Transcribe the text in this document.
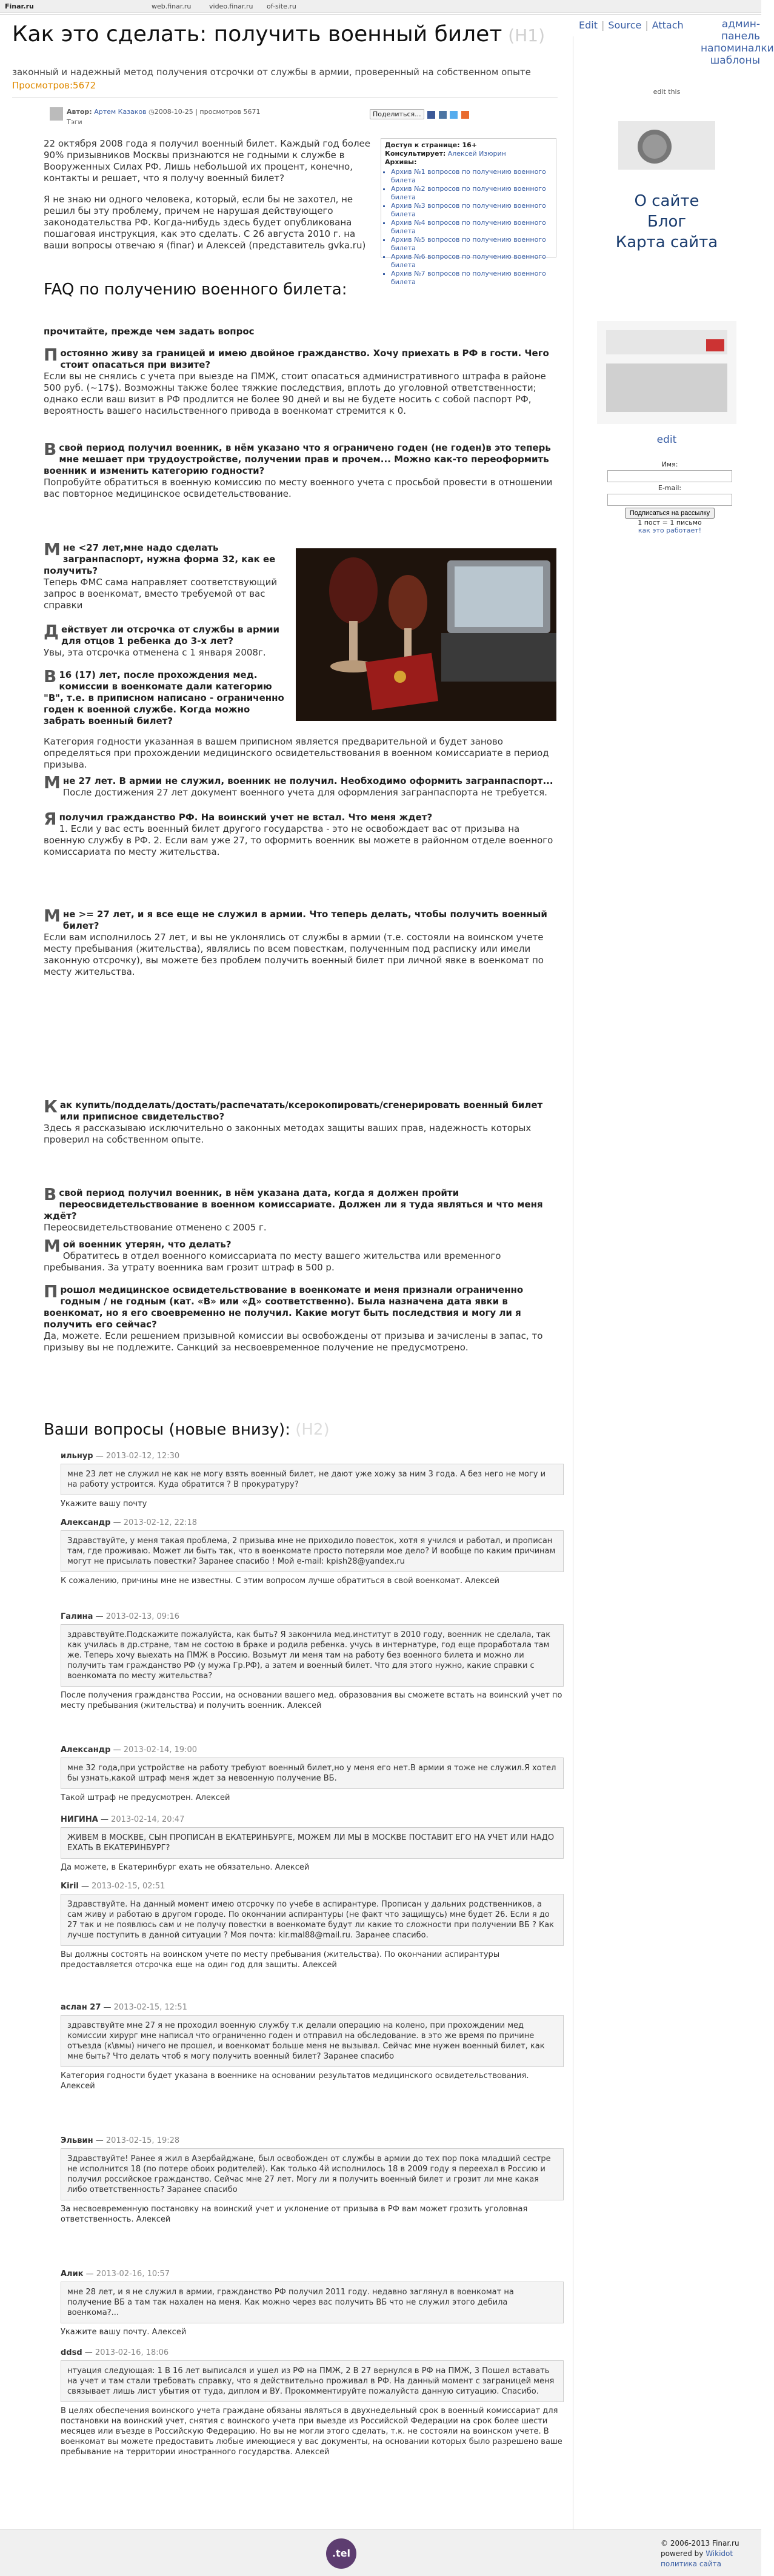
Finar.ru	web.finar.ru	video.finar.ru of-site.ru
Как это сделать: получить военный билет (H1)
Edit | Source | Attach	админ-
панель
напоминалки
шаблоны
законный и надежный метод получения отсрочки от службы в армии, проверенный на собственном опыте Просмотров:5672
Автор: Артем Казаков ◷2008-10-25 | просмотров 5671
Тэги
Поделиться...

22 октября 2008 года я получил военный билет. Каждый год более 90% призывников Москвы признаются не годными к службе в Вооруженных Силах РФ. Лишь небольшой их процент, конечно, контакты и решает, что я получу военный билет?

Я не знаю ни одного человека, который, если бы не захотел, не решил бы эту проблему, причем не нарушая действующего законодательства РФ. Когда-нибудь здесь будет опубликована пошаговая инструкция, как это сделать. С 26 августа 2010 г. на ваши вопросы отвечаю я (finar) и Алексей (представитель gvka.ru)

Доступ к странице: 16+
Консультирует: Алексей Изюрин
Архивы:
▪ Архив №1 вопросов по получению военного билета
▪ Архив №2 вопросов по получению военного билета
▪ Архив №3 вопросов по получению военного билета
▪ Архив №4 вопросов по получению военного билета
▪ Архив №5 вопросов по получению военного билета
▪ Архив №6 вопросов по получению военного билета
▪ Архив №7 вопросов по получению военного билета
FAQ по получению военного билета:
прочитайте, прежде чем задать вопрос
П остоянно живу за границей и имею двойное гражданство. Хочу приехать в РФ в гости. Чего стоит опасаться при визите?
Если вы не снялись с учета при выезде на ПМЖ, стоит опасаться административного штрафа в районе 500 руб. (~17$). Возможны также более тяжкие последствия, вплоть до уголовной ответственности; однако если ваш визит в РФ продлится не более 90 дней и вы не будете носить с собой паспорт РФ, вероятность вашего насильственного привода в военкомат стремится к 0.
В свой период получил военник, в нём указано что я ограничено годен (не годен)в это теперь мне мешает при трудоустройстве, получении прав и прочем... Можно как-то переоформить военник и изменить категорию годности?
Попробуйте обратиться в военную комиссию по месту военного учета с просьбой провести в отношении вас повторное медицинское освидетельствование.
М не <27 лет,мне надо сделать загранпаспорт, нужна форма 32, как ее получить?
Теперь ФМС сама направляет соответствующий запрос в военкомат, вместо требуемой от вас справки
Д ействует ли отсрочка от службы в армии для отцов 1 ребенка до 3-х лет?
Увы, эта отсрочка отменена с 1 января 2008г.
В 16 (17) лет, после прохождения мед. комиссии в военкомате дали категорию "В", т.е. в приписном написано - ограниченно годен к военной службе. Когда можно забрать военный билет?
Категория годности указанная в вашем приписном является предварительной и будет заново определяться при прохождении медицинского освидетельствования в военном комиссариате в период призыва.
М не 27 лет. В армии не служил, военник не получил. Необходимо оформить загранпаспорт...
После достижения 27 лет документ военного учета для оформления загранпаспорта не требуется.
Я получил гражданство РФ. На воинский учет не встал. Что меня ждет?
1. Если у вас есть военный билет другого государства - это не освобождает вас от призыва на военную службу в РФ. 2. Если вам уже 27, то оформить военник вы можете в районном отделе военного комиссариата по месту жительства.
М не >= 27 лет, и я все еще не служил в армии. Что теперь делать, чтобы получить военный билет?
Если вам исполнилось 27 лет, и вы не уклонялись от службы в армии (т.е. состояли на воинском учете месту пребывания (жительства), являлись по всем повесткам, полученным под расписку или имели законную отсрочку), вы можете без проблем получить военный билет при личной явке в военкомат по месту жительства.
К ак купить/подделать/достать/распечатать/ксерокопировать/сгенерировать военный билет или приписное свидетельство?
Здесь я рассказываю исключительно о законных методах защиты ваших прав, надежность которых проверил на собственном опыте.
В свой период получил военник, в нём указана дата, когда я должен пройти переосвидетельствование в военном комиссариате. Должен ли я туда являться и что меня ждёт?
Переосвидетельствование отменено с 2005 г.
М ой военник утерян, что делать?
Обратитесь в отдел военного комиссариата по месту вашего жительства или временного пребывания. За утрату военника вам грозит штраф в 500 р.
П рошол медицинское освидетельствование в военкомате и меня признали ограниченно годным / не годным (кат. «В» или «Д» соответственно). Была назначена дата явки в военкомат, но я его своевременно не получил. Какие могут быть последствия и могу ли я получить его сейчас?
Да, можете. Если решением призывной комиссии вы освобождены от призыва и зачислены в запас, то призыву вы не подлежите. Санкций за несвоевременное получение не предусмотрено.
Ваши вопросы (новые внизу): (H2)
ильнур — 2013-02-12, 12:30
мне 23 лет не служил не как не могу взять военный билет, не дают уже хожу за ним 3 года. А без него не могу и на работу устроится. Куда обратится ? В прокуратуру?
Укажите вашу почту
Александр — 2013-02-12, 22:18
Здравствуйте, у меня такая проблема, 2 призыва мне не приходило повесток, хотя я учился и работал, и прописан там, где проживаю. Может ли быть так, что в военкомате просто потеряли мое дело? И вообще по каким причинам могут не присылать повестки? Заранее спасибо ! Мой e-mail: kpish28@yandex.ru
К сожалению, причины мне не известны. С этим вопросом лучше обратиться в свой военкомат. Алексей
Галина — 2013-02-13, 09:16
здравствуйте.Подскажите пожалуйста, как быть? Я закончила мед.институт в 2010 году, военник не сделала, так как училась в др.стране, там не состою в браке и родила ребенка. учусь в интернатуре, год еще проработала там же. Теперь хочу выехать на ПМЖ в Россию. Возьмут ли меня там на работу без военного билета и можно ли получить там гражданство РФ (у мужа Гр.РФ), а затем и военный билет. Что для этого нужно, какие справки с военкомата по месту жительства?
После получения гражданства России, на основании вашего мед. образования вы сможете встать на воинский учет по месту пребывания (жительства) и получить военник. Алексей
Александр — 2013-02-14, 19:00
мне 32 года,при устройстве на работу требуют военный билет,но у меня его нет.В армии я тоже не служил.Я хотел бы узнать,какой штраф меня ждет за невоенную получение ВБ.
Такой штраф не предусмотрен. Алексей
НИГИНА — 2013-02-14, 20:47
ЖИВЕМ В МОСКВЕ, СЫН ПРОПИСАН В ЕКАТЕРИНБУРГЕ, МОЖЕМ ЛИ МЫ В МОСКВЕ ПОСТАВИТ ЕГО НА УЧЕТ ИЛИ НАДО ЕХАТЬ В ЕКАТЕРИНБУРГ?
Да можете, в Екатеринбург ехать не обязательно. Алексей
Kiril — 2013-02-15, 02:51
Здравствуйте. На данный момент имею отсрочку по учебе в аспирантуре. Прописан у дальних родственников, а сам живу и работаю в другом городе. По окончании аспирантуры (не факт что защищусь) мне будет 26. Если я до 27 так и не появлюсь сам и не получу повестки в военкомате будут ли какие то сложности при получении ВБ ? Как лучше поступить в данной ситуации ? Моя почта: kir.mal88@mail.ru. Заранее спасибо.
Вы должны состоять на воинском учете по месту пребывания (жительства). По окончании аспирантуры предоставляется отсрочка еще на один год для защиты. Алексей
аслан 27 — 2013-02-15, 12:51
здравствуйте мне 27 я не проходил военную службу т.к делали операцию на колено, при прохождении мед комиссии хирург мне написал что ограниченно годен и отправил на обследование. в это же время по причине отъезда (к\вмы) ничего не прошел, и военкомат больше меня не вызывал. Сейчас мне нужен военный билет, как мне быть? Что делать чтоб я могу получить военный билет? Заранее спасибо
Категория годности будет указана в военнике на основании результатов медицинского освидетельствования. Алексей
Эльвин — 2013-02-15, 19:28
Здравствуйте! Ранее я жил в Азербайджане, был освобожден от службы в армии до тех пор пока младший сестре не исполнится 18 (по потере обоих родителей). Как только 4й исполнилось 18 в 2009 году я переехал в Россию и получил российское гражданство. Сейчас мне 27 лет. Могу ли я получить военный билет и грозит ли мне какая либо ответственность? Заранее спасибо
За несвоевременную постановку на воинский учет и уклонение от призыва в РФ вам может грозить уголовная ответственность. Алексей
Алик — 2013-02-16, 10:57
мне 28 лет, и я не служил в армии, гражданство РФ получил 2011 году. недавно заглянул в военкомат на получение ВБ а там так нахален на меня. Как можно через вас получить ВБ что не служил этого дебила военкома?...
Укажите вашу почту. Алексей
ddsd — 2013-02-16, 18:06
нтуация следующая: 1 В 16 лет выписался и ушел из РФ на ПМЖ, 2 В 27 вернулся в РФ на ПМЖ, 3 Пошел вставать на учет и там стали требовать справку, что я действительно проживал в РФ. На данный момент с заграницей меня связывает лишь лист убытия от туда, диплом и ВУ. Прокомментируйте пожалуйста данную ситуацию. Спасибо.
В целях обеспечения воинского учета граждане обязаны являться в двухнедельный срок в военный комиссариат для постановки на воинский учет, снятия с воинского учета при выезде из Российской Федерации на срок более шести месяцев или въезде в Российскую Федерацию. Но вы не могли этого сделать, т.к. не состояли на воинском учете. В военкомат вы можете предоставить любые имеющиеся у вас документы, на основании которых было разрешено ваше пребывание на территории иностранного государства. Алексей
edit this
О сайте
Блог
Карта сайта
edit
Имя:
E-mail:
Подписаться на рассылку
1 пост = 1 письмо
как это работает!
.tel
© 2006-2013 Finar.ru
powered by Wikidot
политика сайта
